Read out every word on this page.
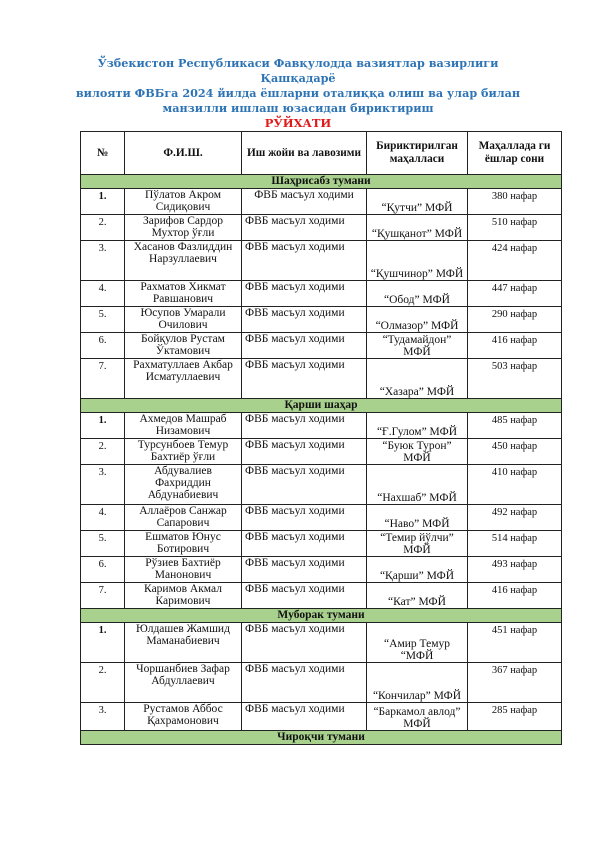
Ўзбекистон Республикаси Фавқулодда вазиятлар вазирлиги Қашқадарё
вилояти ФВБга 2024 йилда ёшларни оталиққа олиш ва улар билан
манзилли ишлаш юзасидан бириктириш
РЎЙХАТИ
№	Ф.И.Ш.	Иш жойи ва лавозими	Бириктирилган маҳалласи	Маҳаллада ги ёшлар сони
Шаҳрисабз тумани				
1.	Пўлатов Акром Сидиқович	ФВБ масъул ходими	“Қутчи” МФЙ	380 нафар
2.	Зарифов Сардор Мухтор ўғли	ФВБ масъул ходими	“Қушқанот” МФЙ	510 нафар
3.	Хасанов Фазлиддин Нарзуллаевич	ФВБ масъул ходими	“Қушчинор” МФЙ	424 нафар
4.	Рахматов Хикмат Равшанович	ФВБ масъул ходими	“Обод” МФЙ	447 нафар
5.	Юсупов Умарали Очилович	ФВБ масъул ходими	“Олмазор” МФЙ	290 нафар
6.	Бойқулов Рустам Ўктамович	ФВБ масъул ходими	“Тудамайдон” МФЙ	416 нафар
7.	Рахматуллаев Акбар Исматуллаевич	ФВБ масъул ходими	“Хазара” МФЙ	503 нафар
Қарши шаҳар				
1.	Ахмедов Машраб Низамович	ФВБ масъул ходими	“Ғ.Гулом” МФЙ	485 нафар
2.	Турсунбоев Темур Бахтиёр ўғли	ФВБ масъул ходими	“Буюк Турон” МФЙ	450 нафар
3.	Абдувалиев Фахриддин Абдунабиевич	ФВБ масъул ходими	“Нахшаб” МФЙ	410 нафар
4.	Аллаёров Санжар Сапарович	ФВБ масъул ходими	“Наво” МФЙ	492 нафар
5.	Ешматов Юнус Ботирович	ФВБ масъул ходими	“Темир йўлчи” МФЙ	514 нафар
6.	Рўзиев Бахтиёр Манонович	ФВБ масъул ходими	“Қарши” МФЙ	493 нафар
7.	Каримов Акмал Каримович	ФВБ масъул ходими	“Кат” МФЙ	416 нафар
Муборак тумани				
1.	Юлдашев Жамшид Маманабиевич	ФВБ масъул ходими	“Амир Темур “МФЙ	451 нафар
2.	Чоршанбиев Зафар Абдуллаевич	ФВБ масъул ходими	“Кончилар” МФЙ	367 нафар
3.	Рустамов Аббос Қахрамонович	ФВБ масъул ходими	“Баркамол авлод” МФЙ	285 нафар
Чироқчи тумани				
